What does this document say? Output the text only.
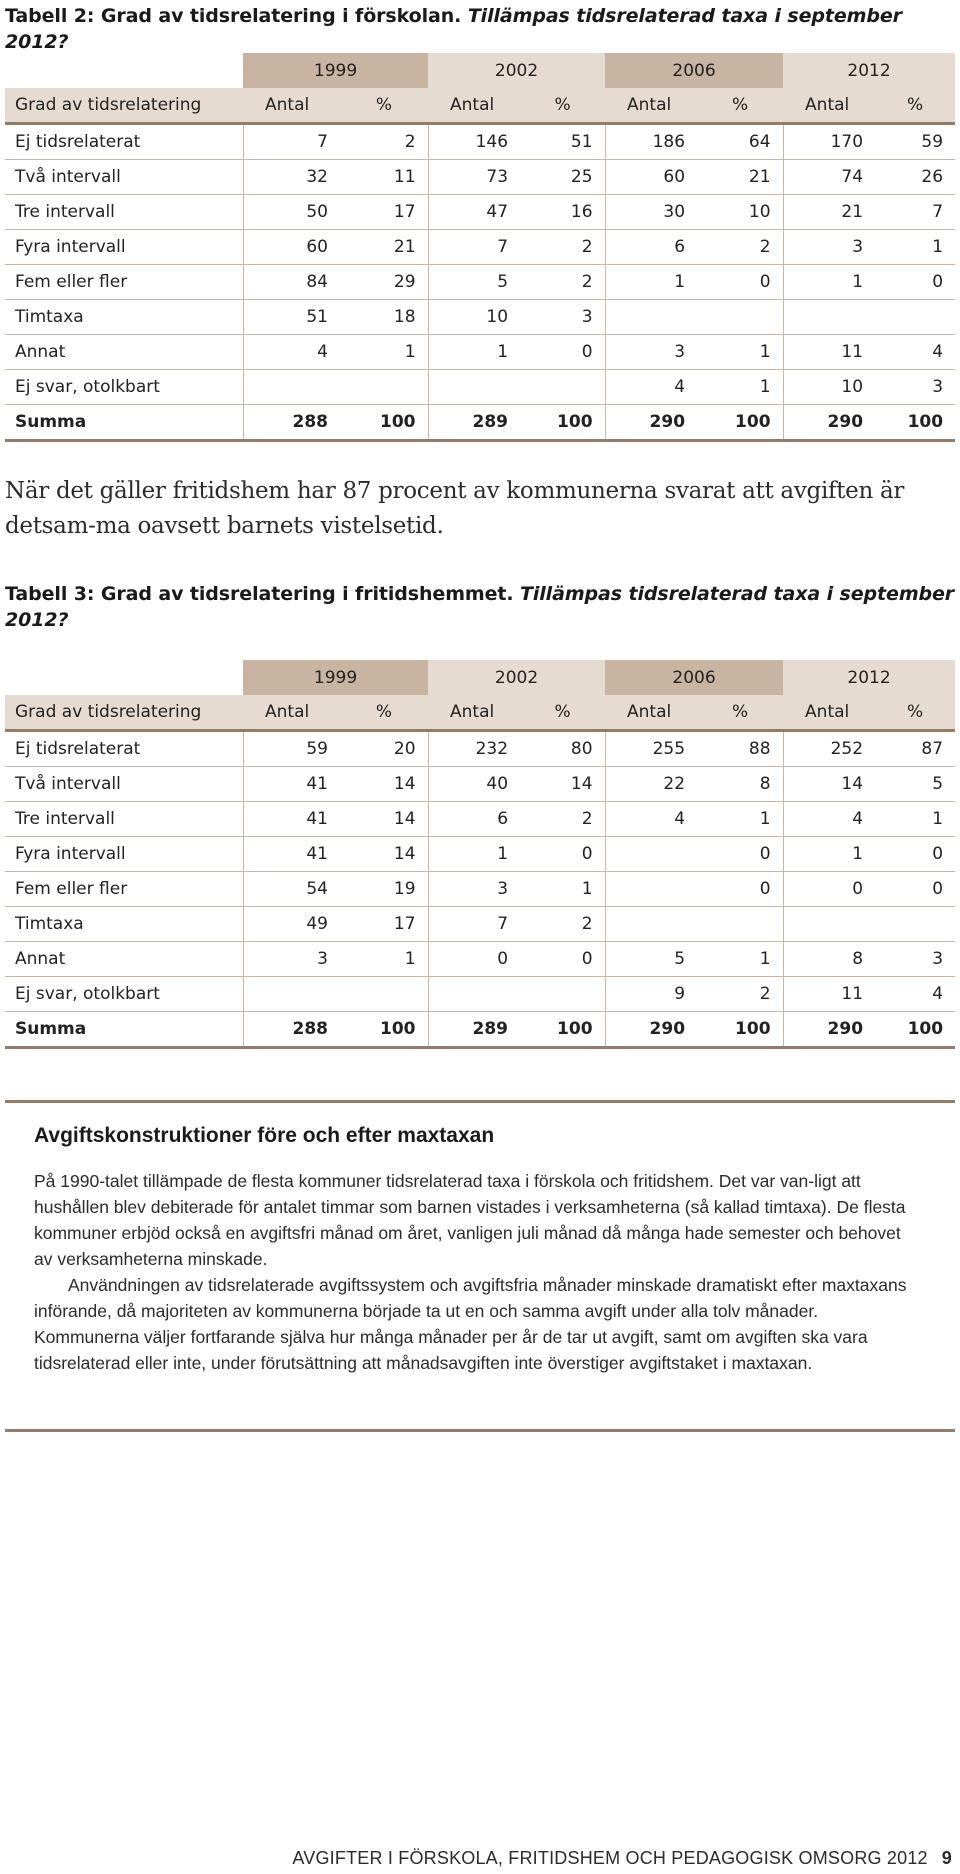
Tabell 2: Grad av tidsrelatering i förskolan. Tillämpas tidsrelaterad taxa i september 2012?

	1999		2002		2006		2012	
Grad av tidsrelatering	Antal	%	Antal	%	Antal	%	Antal	%
Ej tidsrelaterat	7	2	146	51	186	64	170	59
Två intervall	32	11	73	25	60	21	74	26
Tre intervall	50	17	47	16	30	10	21	7
Fyra intervall	60	21	7	2	6	2	3	1
Fem eller fler	84	29	5	2	1	0	1	0
Timtaxa	51	18	10	3				
Annat	4	1	1	0	3	1	11	4
Ej svar, otolkbart					4	1	10	3
Summa	288	100	289	100	290	100	290	100

När det gäller fritidshem har 87 procent av kommunerna svarat att avgiften är detsam-ma oavsett barnets vistelsetid.

Tabell 3: Grad av tidsrelatering i fritidshemmet. Tillämpas tidsrelaterad taxa i september 2012?

	1999		2002		2006		2012	
Grad av tidsrelatering	Antal	%	Antal	%	Antal	%	Antal	%
Ej tidsrelaterat	59	20	232	80	255	88	252	87
Två intervall	41	14	40	14	22	8	14	5
Tre intervall	41	14	6	2	4	1	4	1
Fyra intervall	41	14	1	0		0	1	0
Fem eller fler	54	19	3	1		0	0	0
Timtaxa	49	17	7	2				
Annat	3	1	0	0	5	1	8	3
Ej svar, otolkbart					9	2	11	4
Summa	288	100	289	100	290	100	290	100
Avgiftskonstruktioner före och efter maxtaxan

På 1990-talet tillämpade de flesta kommuner tidsrelaterad taxa i förskola och fritidshem. Det var van-ligt att hushållen blev debiterade för antalet timmar som barnen vistades i verksamheterna (så kallad timtaxa). De flesta kommuner erbjöd också en avgiftsfri månad om året, vanligen juli månad då många hade semester och behovet av verksamheterna minskade.

Användningen av tidsrelaterade avgiftssystem och avgiftsfria månader minskade dramatiskt efter maxtaxans införande, då majoriteten av kommunerna började ta ut en och samma avgift under alla tolv månader. Kommunerna väljer fortfarande själva hur många månader per år de tar ut avgift, samt om avgiften ska vara tidsrelaterad eller inte, under förutsättning att månadsavgiften inte överstiger avgiftstaket i maxtaxan.

AVGIFTER I FÖRSKOLA, FRITIDSHEM OCH PEDAGOGISK OMSORG 2012 9
